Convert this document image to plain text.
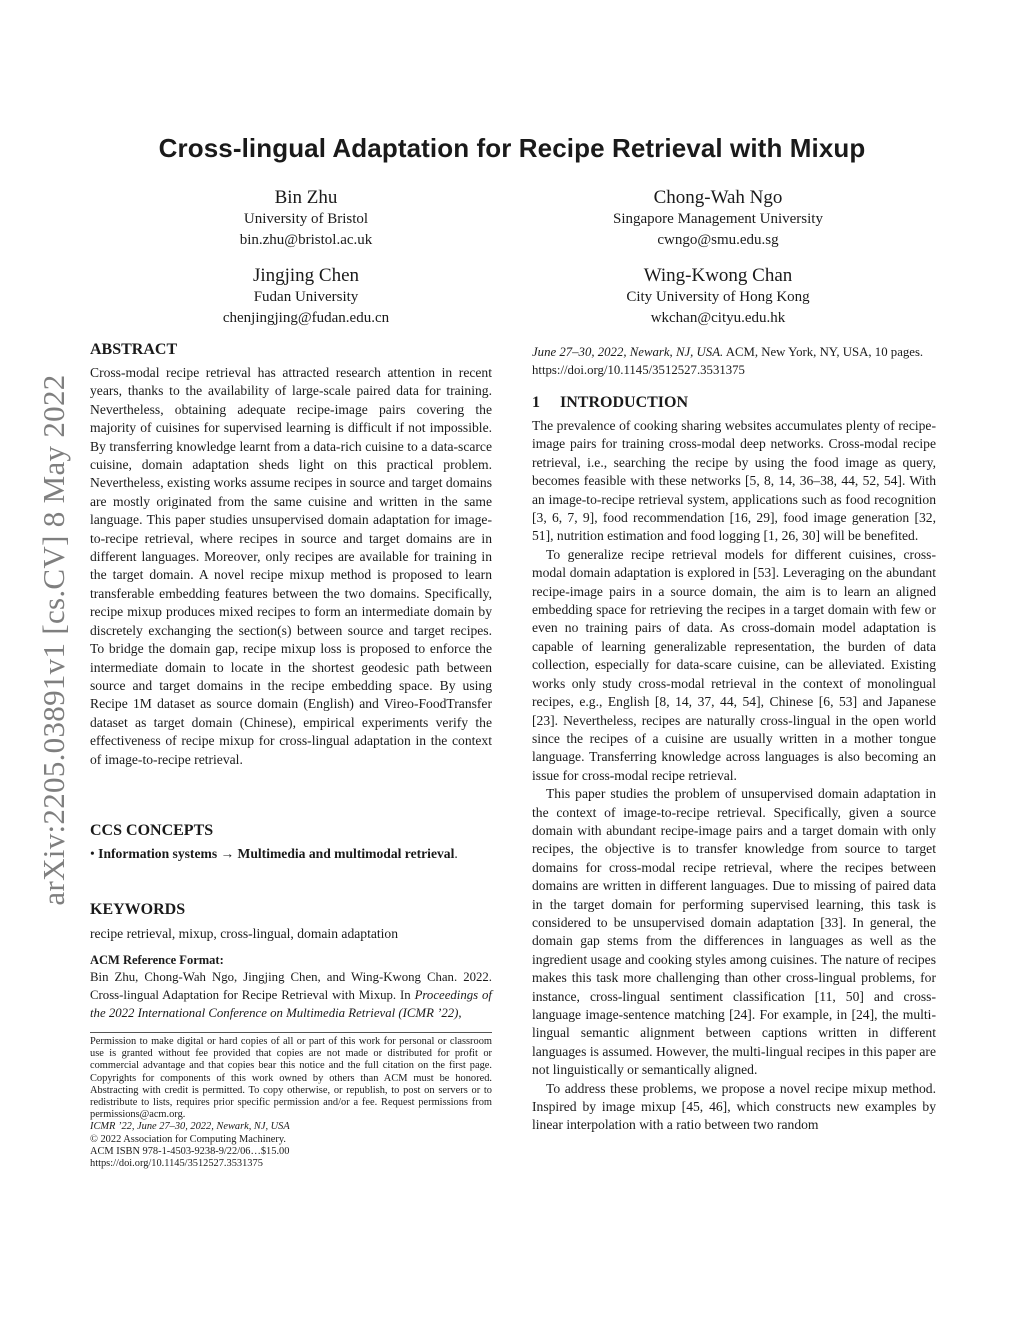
arXiv:2205.03891v1 [cs.CV] 8 May 2022
Cross-lingual Adaptation for Recipe Retrieval with Mixup
Bin Zhu
University of Bristol
bin.zhu@bristol.ac.uk
Chong-Wah Ngo
Singapore Management University
cwngo@smu.edu.sg
Jingjing Chen
Fudan University
chenjingjing@fudan.edu.cn
Wing-Kwong Chan
City University of Hong Kong
wkchan@cityu.edu.hk
ABSTRACT

Cross-modal recipe retrieval has attracted research attention in recent years, thanks to the availability of large-scale paired data for training. Nevertheless, obtaining adequate recipe-image pairs covering the majority of cuisines for supervised learning is difficult if not impossible. By transferring knowledge learnt from a data-rich cuisine to a data-scarce cuisine, domain adaptation sheds light on this practical problem. Nevertheless, existing works assume recipes in source and target domains are mostly originated from the same cuisine and written in the same language. This paper studies unsupervised domain adaptation for image-to-recipe retrieval, where recipes in source and target domains are in different languages. Moreover, only recipes are available for training in the target domain. A novel recipe mixup method is proposed to learn transferable embedding features between the two domains. Specifically, recipe mixup produces mixed recipes to form an intermediate domain by discretely exchanging the section(s) between source and target recipes. To bridge the domain gap, recipe mixup loss is proposed to enforce the intermediate domain to locate in the shortest geodesic path between source and target domains in the recipe embedding space. By using Recipe 1M dataset as source domain (English) and Vireo-FoodTransfer dataset as target domain (Chinese), empirical experiments verify the effectiveness of recipe mixup for cross-lingual adaptation in the context of image-to-recipe retrieval.

CCS CONCEPTS

• Information systems → Multimedia and multimodal retrieval.

KEYWORDS

recipe retrieval, mixup, cross-lingual, domain adaptation

ACM Reference Format:

Bin Zhu, Chong-Wah Ngo, Jingjing Chen, and Wing-Kwong Chan. 2022. Cross-lingual Adaptation for Recipe Retrieval with Mixup. In Proceedings of the 2022 International Conference on Multimedia Retrieval (ICMR ’22),

Permission to make digital or hard copies of all or part of this work for personal or classroom use is granted without fee provided that copies are not made or distributed for profit or commercial advantage and that copies bear this notice and the full citation on the first page. Copyrights for components of this work owned by others than ACM must be honored. Abstracting with credit is permitted. To copy otherwise, or republish, to post on servers or to redistribute to lists, requires prior specific permission and/or a fee. Request permissions from permissions@acm.org.

ICMR ’22, June 27–30, 2022, Newark, NJ, USA

© 2022 Association for Computing Machinery.

ACM ISBN 978-1-4503-9238-9/22/06…$15.00

https://doi.org/10.1145/3512527.3531375

June 27–30, 2022, Newark, NJ, USA. ACM, New York, NY, USA, 10 pages. https://doi.org/10.1145/3512527.3531375

1 INTRODUCTION

The prevalence of cooking sharing websites accumulates plenty of recipe-image pairs for training cross-modal deep networks. Cross-modal recipe retrieval, i.e., searching the recipe by using the food image as query, becomes feasible with these networks [5, 8, 14, 36–38, 44, 52, 54]. With an image-to-recipe retrieval system, applications such as food recognition [3, 6, 7, 9], food recommendation [16, 29], food image generation [32, 51], nutrition estimation and food logging [1, 26, 30] will be benefited.

To generalize recipe retrieval models for different cuisines, cross-modal domain adaptation is explored in [53]. Leveraging on the abundant recipe-image pairs in a source domain, the aim is to learn an aligned embedding space for retrieving the recipes in a target domain with few or even no training pairs of data. As cross-domain model adaptation is capable of learning generalizable representation, the burden of data collection, especially for data-scare cuisine, can be alleviated. Existing works only study cross-modal retrieval in the context of monolingual recipes, e.g., English [8, 14, 37, 44, 54], Chinese [6, 53] and Japanese [23]. Nevertheless, recipes are naturally cross-lingual in the open world since the recipes of a cuisine are usually written in a mother tongue language. Transferring knowledge across languages is also becoming an issue for cross-modal recipe retrieval.

This paper studies the problem of unsupervised domain adaptation in the context of image-to-recipe retrieval. Specifically, given a source domain with abundant recipe-image pairs and a target domain with only recipes, the objective is to transfer knowledge from source to target domains for cross-modal recipe retrieval, where the recipes between domains are written in different languages. Due to missing of paired data in the target domain for performing supervised learning, this task is considered to be unsupervised domain adaptation [33]. In general, the domain gap stems from the differences in languages as well as the ingredient usage and cooking styles among cuisines. The nature of recipes makes this task more challenging than other cross-lingual problems, for instance, cross-lingual sentiment classification [11, 50] and cross-language image-sentence matching [24]. For example, in [24], the multi-lingual semantic alignment between captions written in different languages is assumed. However, the multi-lingual recipes in this paper are not linguistically or semantically aligned.

To address these problems, we propose a novel recipe mixup method. Inspired by image mixup [45, 46], which constructs new examples by linear interpolation with a ratio between two random
